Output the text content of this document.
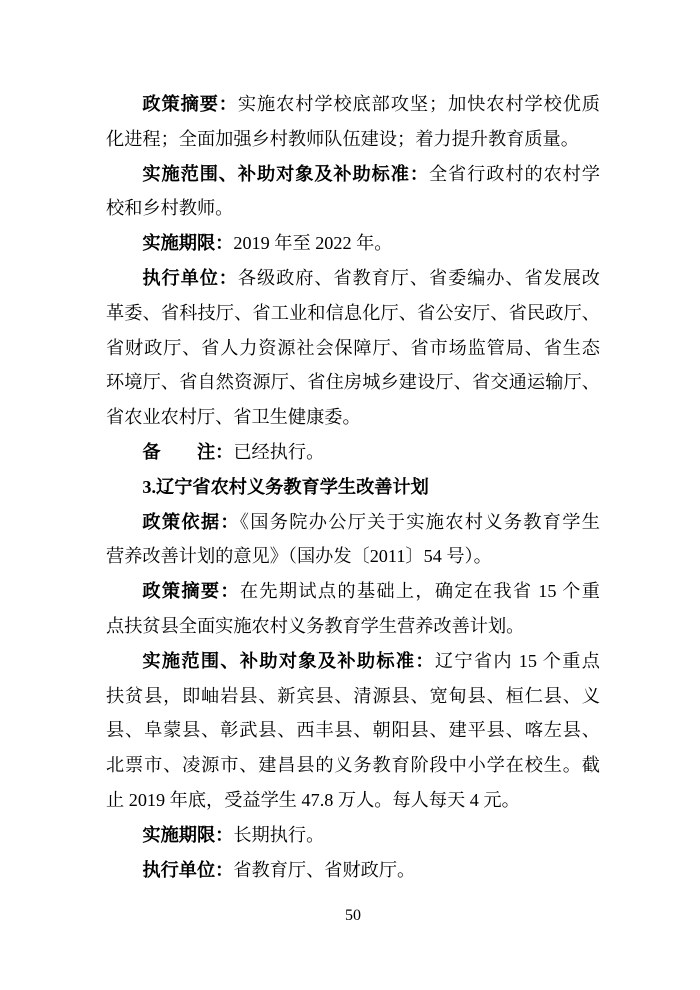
政策摘要：实施农村学校底部攻坚；加快农村学校优质
化进程；全面加强乡村教师队伍建设；着力提升教育质量。
实施范围、补助对象及补助标准：全省行政村的农村学
校和乡村教师。
实施期限：2019 年至 2022 年。
执行单位：各级政府、省教育厅、省委编办、省发展改
革委、省科技厅、省工业和信息化厅、省公安厅、省民政厅、
省财政厅、省人力资源社会保障厅、省市场监管局、省生态
环境厅、省自然资源厅、省住房城乡建设厅、省交通运输厅、
省农业农村厅、省卫生健康委。
备　　注：已经执行。
3.辽宁省农村义务教育学生改善计划
政策依据：《国务院办公厅关于实施农村义务教育学生
营养改善计划的意见》（国办发〔2011〕54 号）。
政策摘要：在先期试点的基础上，确定在我省 15 个重
点扶贫县全面实施农村义务教育学生营养改善计划。
实施范围、补助对象及补助标准：辽宁省内 15 个重点
扶贫县，即岫岩县、新宾县、清源县、宽甸县、桓仁县、义
县、阜蒙县、彰武县、西丰县、朝阳县、建平县、喀左县、
北票市、凌源市、建昌县的义务教育阶段中小学在校生。截
止 2019 年底，受益学生 47.8 万人。每人每天 4 元。
实施期限：长期执行。
执行单位：省教育厅、省财政厅。
50
